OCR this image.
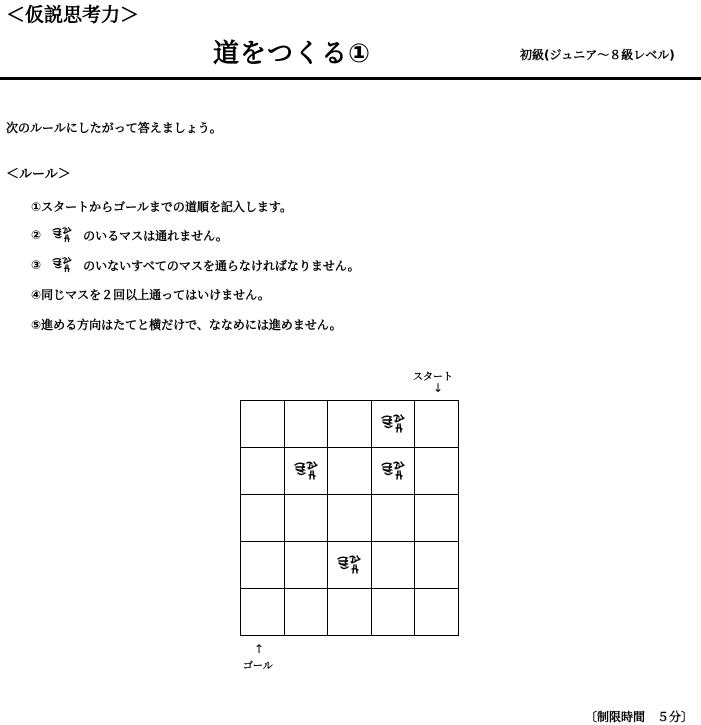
＜仮説思考力＞
道をつくる①	初級(ジュニア～８級レベル)
次のルールにしたがって答えましょう。
＜ルール＞
① スタートからゴールまでの道順を記入します。
②	のいるマスは通れません。
③	のいないすべてのマスを通らなければなりません。
④ 同じマスを２回以上通ってはいけません。
⑤ 進める方向はたてと横だけで、ななめには進めません。
スタート
↓
↑
ゴール
〔制限時間　５分〕
